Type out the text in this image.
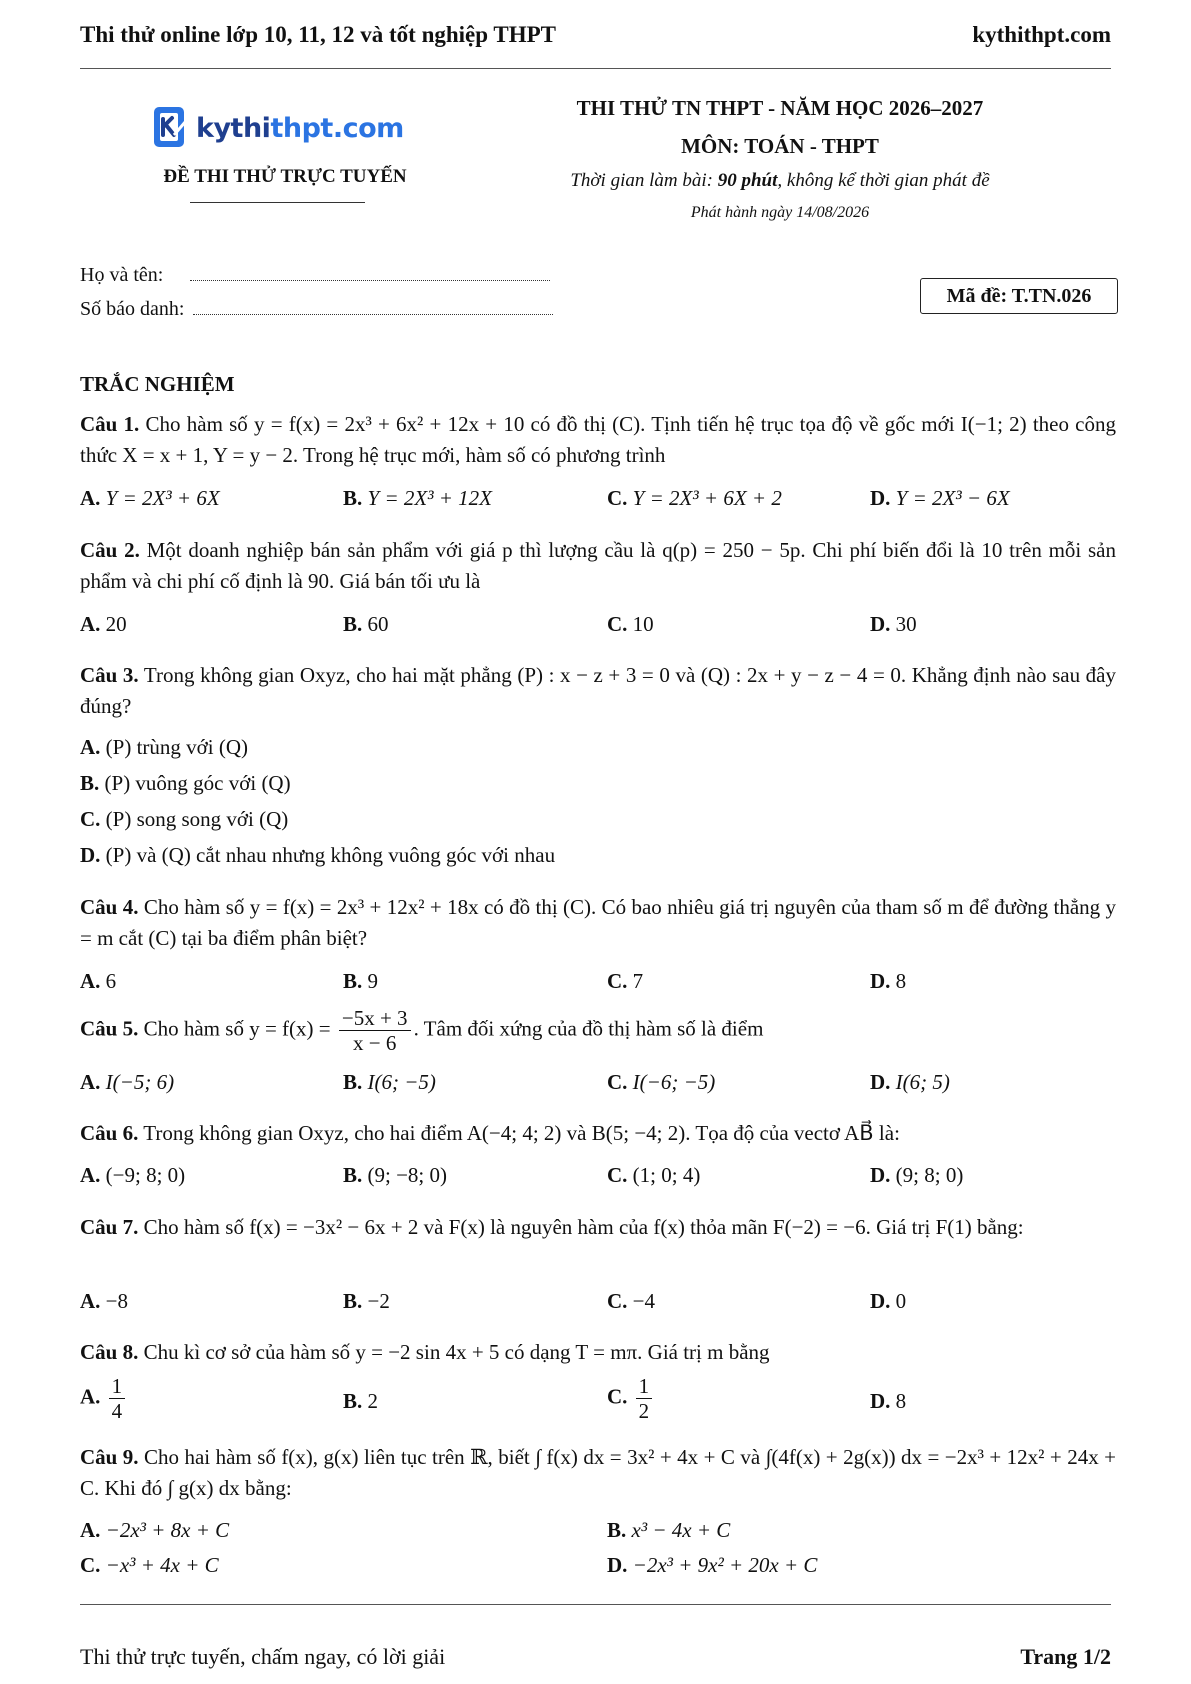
Thi thử online lớp 10, 11, 12 và tốt nghiệp THPT	kythithpt.com
kythithpt.com
ĐỀ THI THỬ TRỰC TUYẾN
THI THỬ TN THPT - NĂM HỌC 2026–2027
MÔN: TOÁN - THPT
Thời gian làm bài: 90 phút, không kể thời gian phát đề
Phát hành ngày 14/08/2026
Họ và tên:
Số báo danh:
Mã đề: T.TN.026
TRẮC NGHIỆM
Câu 1. Cho hàm số y = f(x) = 2x³ + 6x² + 12x + 10 có đồ thị (C). Tịnh tiến hệ trục tọa độ về gốc mới I(−1; 2) theo công thức X = x + 1, Y = y − 2. Trong hệ trục mới, hàm số có phương trình
A. Y = 2X³ + 6X	B. Y = 2X³ + 12X	C. Y = 2X³ + 6X + 2	D. Y = 2X³ − 6X
Câu 2. Một doanh nghiệp bán sản phẩm với giá p thì lượng cầu là q(p) = 250 − 5p. Chi phí biến đổi là 10 trên mỗi sản phẩm và chi phí cố định là 90. Giá bán tối ưu là
A. 20	B. 60	C. 10	D. 30
Câu 3. Trong không gian Oxyz, cho hai mặt phẳng (P) : x − z + 3 = 0 và (Q) : 2x + y − z − 4 = 0. Khẳng định nào sau đây đúng?
A. (P) trùng với (Q)
B. (P) vuông góc với (Q)
C. (P) song song với (Q)
D. (P) và (Q) cắt nhau nhưng không vuông góc với nhau
Câu 4. Cho hàm số y = f(x) = 2x³ + 12x² + 18x có đồ thị (C). Có bao nhiêu giá trị nguyên của tham số m để đường thẳng y = m cắt (C) tại ba điểm phân biệt?
A. 6	B. 9	C. 7	D. 8
Câu 5. Cho hàm số $y = f(x) = \frac{-5x + 3}{x - 6}$ . Tâm đối xứng của đồ thị hàm số là điểm
A. I(−5; 6)	B. I(6; −5)	C. I(−6; −5)	D. I(6; 5)
Câu 6. Trong không gian Oxyz, cho hai điểm A(−4; 4; 2) và B(5; −4; 2). Tọa độ của vectơ AB⃗ là:
A. (−9; 8; 0)	B. (9; −8; 0)	C. (1; 0; 4)	D. (9; 8; 0)
Câu 7. Cho hàm số f(x) = −3x² − 6x + 2 và F(x) là nguyên hàm của f(x) thỏa mãn F(−2) = −6. Giá trị F(1) bằng:
A. −8	B. −2	C. −4	D. 0
Câu 8. Chu kì cơ sở của hàm số y = −2 sin 4x + 5 có dạng T = mπ. Giá trị m bằng
A. $\frac{1}{4}$	B. 2	C. $\frac{1}{2}$	D. 8
Câu 9. Cho hai hàm số f(x), g(x) liên tục trên ℝ, biết ∫ f(x) dx = 3x² + 4x + C và ∫(4f(x) + 2g(x)) dx = −2x³ + 12x² + 24x + C. Khi đó ∫ g(x) dx bằng:
A. −2x³ + 8x + C	B. x³ − 4x + C
C. −x³ + 4x + C	D. −2x³ + 9x² + 20x + C
Thi thử trực tuyến, chấm ngay, có lời giải	Trang 1/2
